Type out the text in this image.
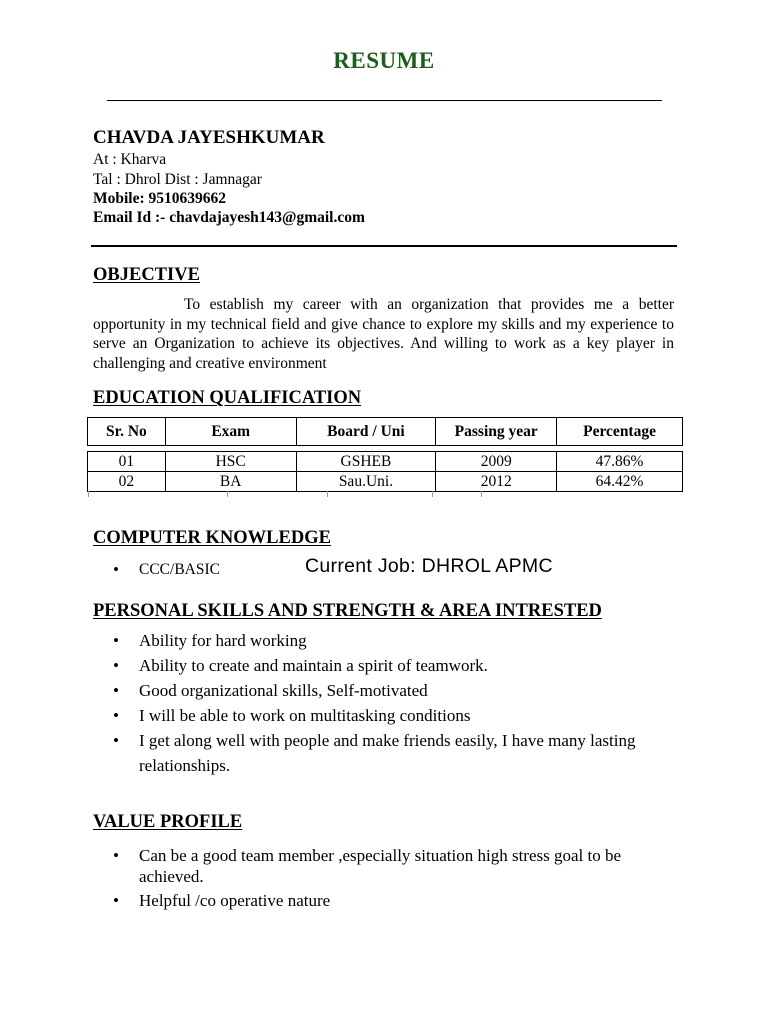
RESUME
CHAVDA JAYESHKUMAR
At : Kharva
Tal : Dhrol Dist : Jamnagar
Mobile: 9510639662
Email Id :- chavdajayesh143@gmail.com
OBJECTIVE
To establish my career with an organization that provides me a better opportunity in my technical field and give chance to explore my skills and my experience to serve an Organization to achieve its objectives. And willing to work as a key player in challenging and creative environment
EDUCATION QUALIFICATION
Sr. No	Exam	Board / Uni	Passing year	Percentage

01	HSC	GSHEB	2009	47.86%
02	BA	Sau.Uni.	2012	64.42%
COMPUTER KNOWLEDGE
• CCC/BASIC	Current Job: DHROL APMC
PERSONAL SKILLS AND STRENGTH & AREA INTRESTED
• Ability for hard working
• Ability to create and maintain a spirit of teamwork.
• Good organizational skills, Self-motivated
• I will be able to work on multitasking conditions
• I get along well with people and make friends easily, I have many lasting relationships.
VALUE PROFILE
• Can be a good team member ,especially situation high stress goal to be achieved.
• Helpful /co operative nature
